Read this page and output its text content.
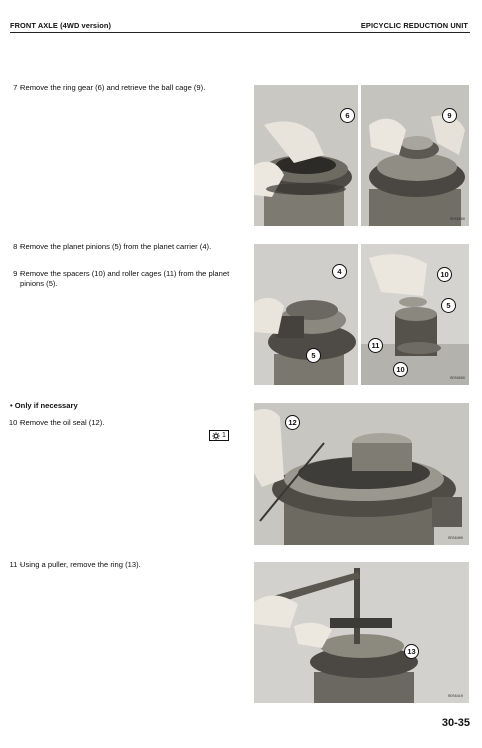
FRONT AXLE (4WD version)	EPICYCLIC REDUCTION UNIT
7 -
Remove the ring gear (6) and retrieve the ball cage (9).
8 -
Remove the planet pinions (5) from the planet carrier (4).
9 -
Remove the spacers (10) and roller cages (11) from the planet pinions (5).
• Only if necessary
10 -
Remove the oil seal (12).
1
11 -
Using a puller, remove the ring (13).
6	9
RDS6090
4
5
10
5
11
10
RDS6080
12
RDS6400
13
RDS6410
30-35
